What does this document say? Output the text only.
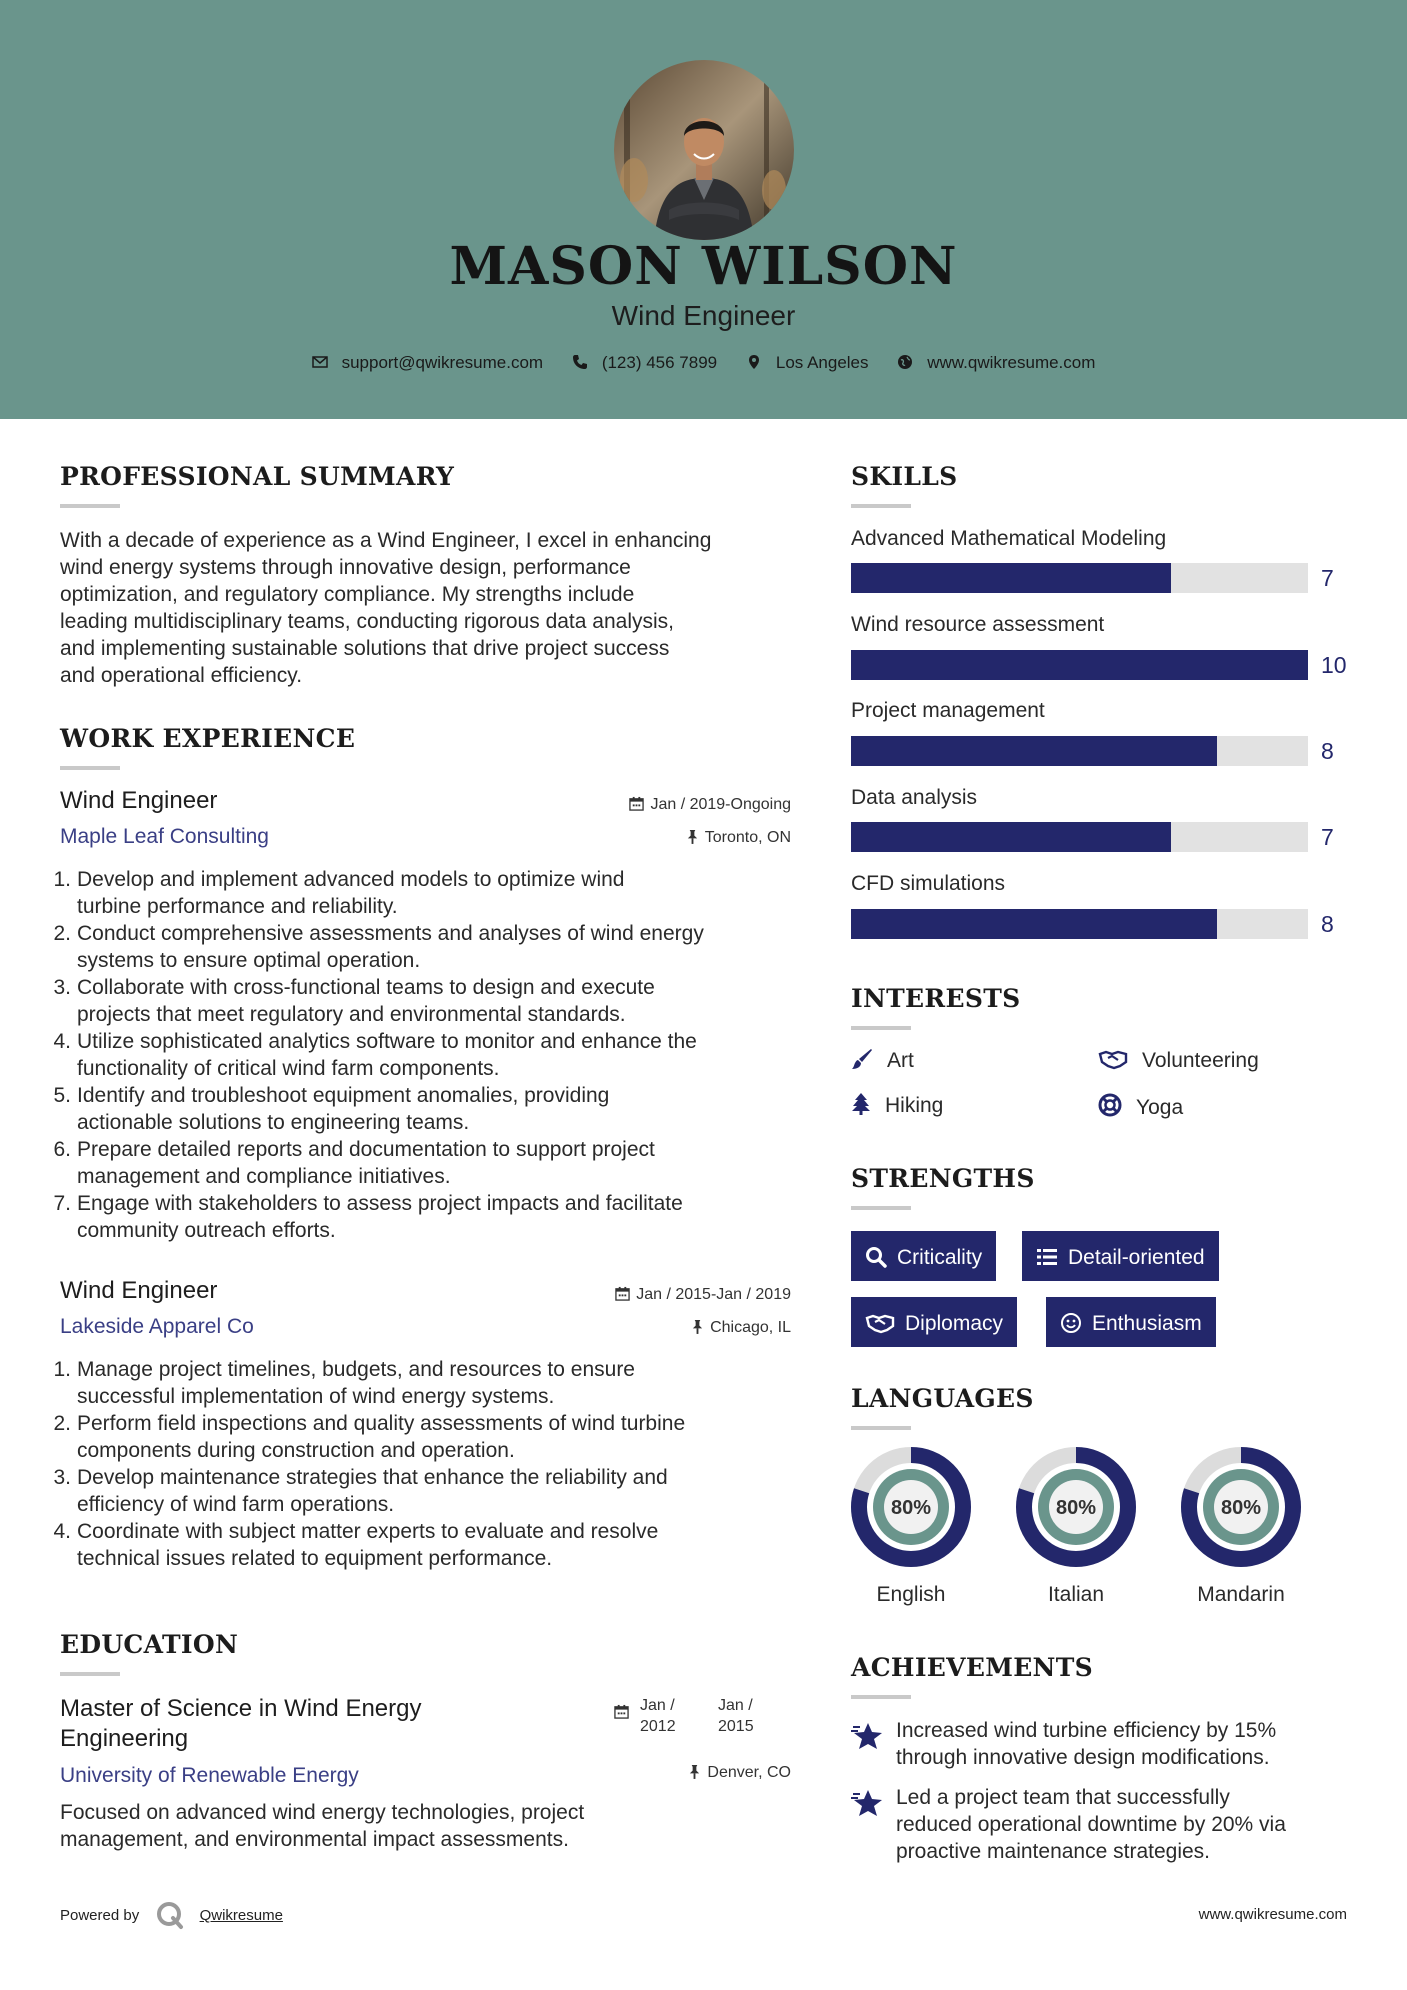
MASON WILSON
Wind Engineer
support@qwikresume.com	(123) 456 7899	Los Angeles	www.qwikresume.com
PROFESSIONAL SUMMARY
With a decade of experience as a Wind Engineer, I excel in enhancing
wind energy systems through innovative design, performance
optimization, and regulatory compliance. My strengths include
leading multidisciplinary teams, conducting rigorous data analysis,
and implementing sustainable solutions that drive project success
and operational efficiency.
WORK EXPERIENCE
Wind Engineer	Jan / 2019-Ongoing
Maple Leaf Consulting	Toronto, ON
1. Develop and implement advanced models to optimize wind
turbine performance and reliability.
2. Conduct comprehensive assessments and analyses of wind energy
systems to ensure optimal operation.
3. Collaborate with cross-functional teams to design and execute
projects that meet regulatory and environmental standards.
4. Utilize sophisticated analytics software to monitor and enhance the
functionality of critical wind farm components.
5. Identify and troubleshoot equipment anomalies, providing
actionable solutions to engineering teams.
6. Prepare detailed reports and documentation to support project
management and compliance initiatives.
7. Engage with stakeholders to assess project impacts and facilitate
community outreach efforts.
Wind Engineer	Jan / 2015-Jan / 2019
Lakeside Apparel Co	Chicago, IL
1. Manage project timelines, budgets, and resources to ensure
successful implementation of wind energy systems.
2. Perform field inspections and quality assessments of wind turbine
components during construction and operation.
3. Develop maintenance strategies that enhance the reliability and
efficiency of wind farm operations.
4. Coordinate with subject matter experts to evaluate and resolve
technical issues related to equipment performance.
EDUCATION
Master of Science in Wind Energy
Engineering
Jan /
2012
Jan /
2015
University of Renewable Energy	Denver, CO
Focused on advanced wind energy technologies, project
management, and environmental impact assessments.
SKILLS
Advanced Mathematical Modeling
7
Wind resource assessment
10
Project management
8
Data analysis
7
CFD simulations
8
INTERESTS
Art	Volunteering
Hiking	Yoga
STRENGTHS
Criticality	Detail-oriented
Diplomacy	Enthusiasm
LANGUAGES
80%
English
80%
Italian
80%
Mandarin
ACHIEVEMENTS
Increased wind turbine efficiency by 15%
through innovative design modifications.
Led a project team that successfully
reduced operational downtime by 20% via
proactive maintenance strategies.
Powered by	Qwikresume	www.qwikresume.com
